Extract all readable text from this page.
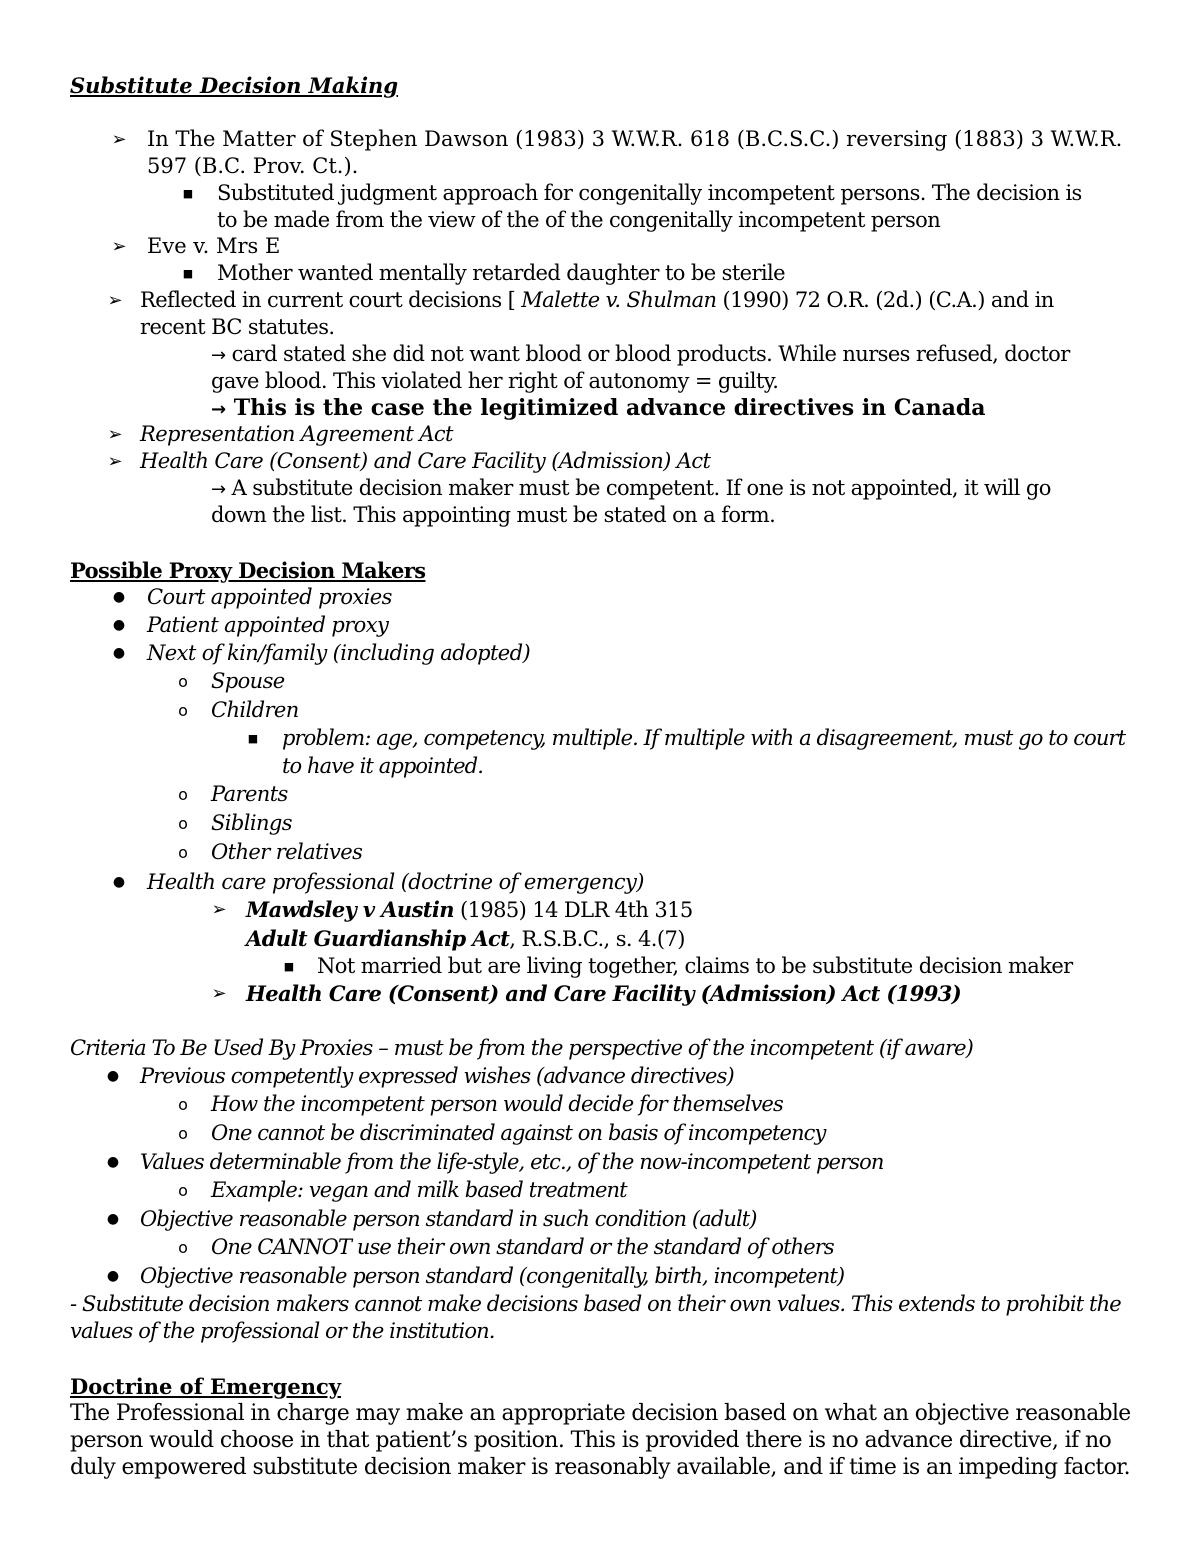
Substitute Decision Making
➢ In The Matter of Stephen Dawson (1983) 3 W.W.R. 618 (B.C.S.C.) reversing (1883) 3 W.W.R.
597 (B.C. Prov. Ct.).
■ Substituted judgment approach for congenitally incompetent persons. The decision is
to be made from the view of the of the congenitally incompetent person
➢ Eve v. Mrs E
■ Mother wanted mentally retarded daughter to be sterile
➢ Reflected in current court decisions [ Malette v. Shulman (1990) 72 O.R. (2d.) (C.A.) and in
recent BC statutes.
→ card stated she did not want blood or blood products. While nurses refused, doctor
gave blood. This violated her right of autonomy = guilty.
→ This is the case the legitimized advance directives in Canada
➢ Representation Agreement Act
➢ Health Care (Consent) and Care Facility (Admission) Act
→ A substitute decision maker must be competent. If one is not appointed, it will go
down the list. This appointing must be stated on a form.
Possible Proxy Decision Makers
● Court appointed proxies
● Patient appointed proxy
● Next of kin/family (including adopted)
o Spouse
o Children
■ problem: age, competency, multiple. If multiple with a disagreement, must go to court
to have it appointed.
o Parents
o Siblings
o Other relatives
● Health care professional (doctrine of emergency)
➢ Mawdsley v Austin (1985) 14 DLR 4th 315
Adult Guardianship Act, R.S.B.C., s. 4.(7)
■ Not married but are living together, claims to be substitute decision maker
➢ Health Care (Consent) and Care Facility (Admission) Act (1993)
Criteria To Be Used By Proxies – must be from the perspective of the incompetent (if aware)
● Previous competently expressed wishes (advance directives)
o How the incompetent person would decide for themselves
o One cannot be discriminated against on basis of incompetency
● Values determinable from the life-style, etc., of the now-incompetent person
o Example: vegan and milk based treatment
● Objective reasonable person standard in such condition (adult)
o One CANNOT use their own standard or the standard of others
● Objective reasonable person standard (congenitally, birth, incompetent)
- Substitute decision makers cannot make decisions based on their own values. This extends to prohibit the
values of the professional or the institution.
Doctrine of Emergency
The Professional in charge may make an appropriate decision based on what an objective reasonable
person would choose in that patient’s position. This is provided there is no advance directive, if no
duly empowered substitute decision maker is reasonably available, and if time is an impeding factor.
